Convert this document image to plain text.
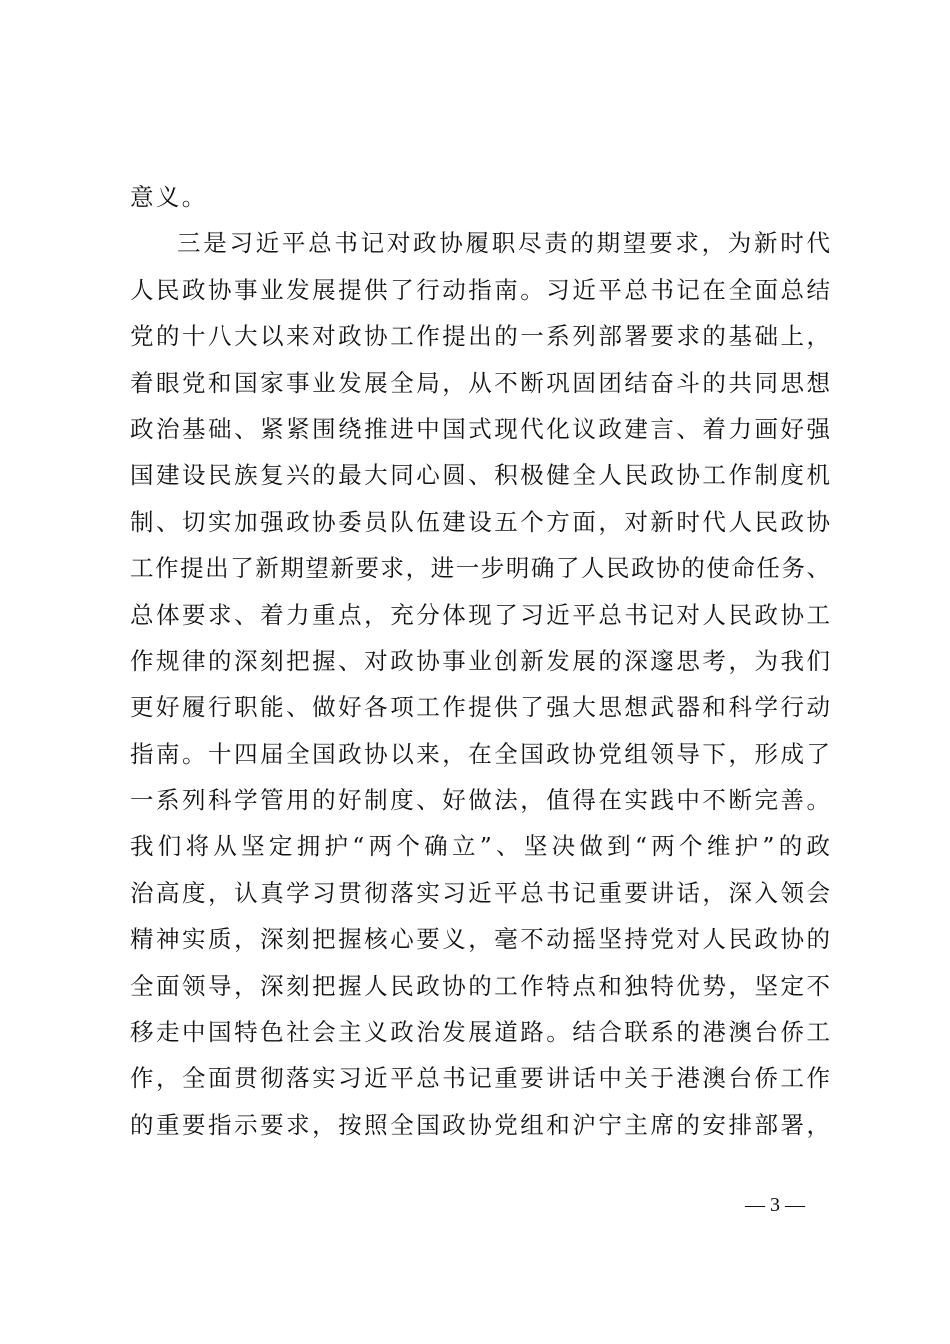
意义。
三是习近平总书记对政协履职尽责的期望要求，为新时代
人民政协事业发展提供了行动指南。习近平总书记在全面总结
党的十八大以来对政协工作提出的一系列部署要求的基础上，
着眼党和国家事业发展全局，从不断巩固团结奋斗的共同思想
政治基础、紧紧围绕推进中国式现代化议政建言、着力画好强
国建设民族复兴的最大同心圆、积极健全人民政协工作制度机
制、切实加强政协委员队伍建设五个方面，对新时代人民政协
工作提出了新期望新要求，进一步明确了人民政协的使命任务、
总体要求、着力重点，充分体现了习近平总书记对人民政协工
作规律的深刻把握、对政协事业创新发展的深邃思考，为我们
更好履行职能、做好各项工作提供了强大思想武器和科学行动
指南。十四届全国政协以来，在全国政协党组领导下，形成了
一系列科学管用的好制度、好做法，值得在实践中不断完善。
我们将从坚定拥护“两个确立”、坚决做到“两个维护”的政
治高度，认真学习贯彻落实习近平总书记重要讲话，深入领会
精神实质，深刻把握核心要义，毫不动摇坚持党对人民政协的
全面领导，深刻把握人民政协的工作特点和独特优势，坚定不
移走中国特色社会主义政治发展道路。结合联系的港澳台侨工
作，全面贯彻落实习近平总书记重要讲话中关于港澳台侨工作
的重要指示要求，按照全国政协党组和沪宁主席的安排部署，
— 3 —
